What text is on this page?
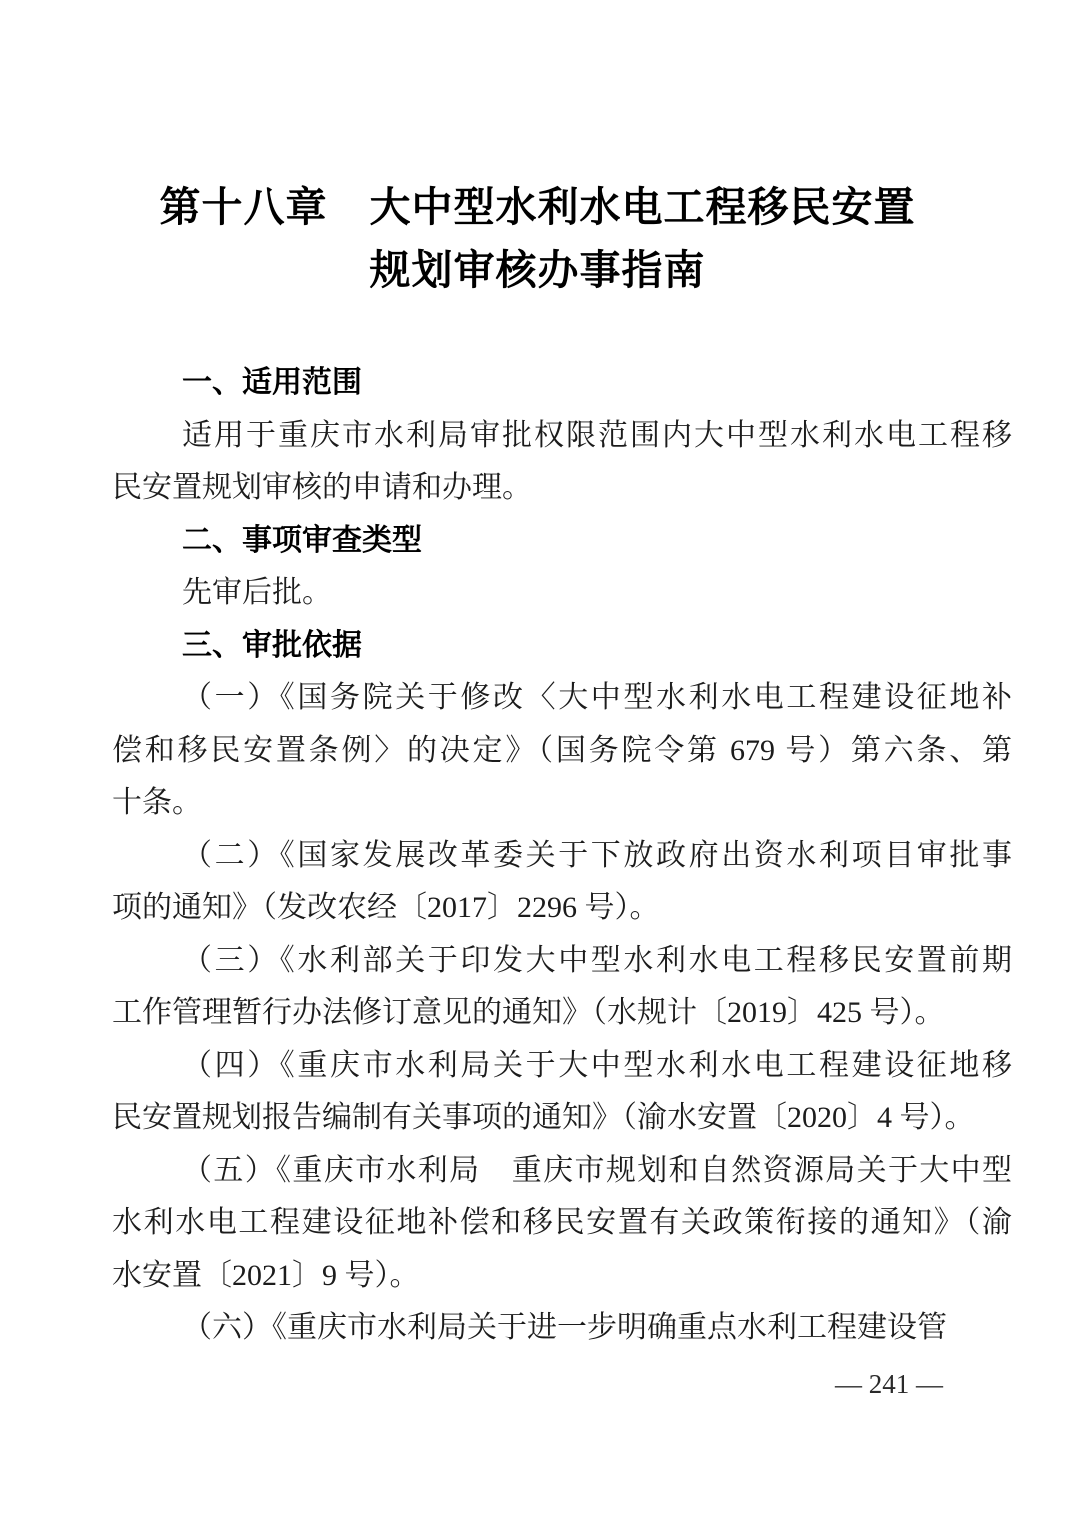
第十八章　大中型水利水电工程移民安置
规划审核办事指南
一、适用范围
适用于重庆市水利局审批权限范围内大中型水利水电工程移
民安置规划审核的申请和办理。
二、事项审查类型
先审后批。
三、审批依据
（一）《国务院关于修改〈大中型水利水电工程建设征地补
偿和移民安置条例〉的决定》（国务院令第 679 号）第六条、第
十条。
（二）《国家发展改革委关于下放政府出资水利项目审批事
项的通知》（发改农经〔2017〕2296 号）。
（三）《水利部关于印发大中型水利水电工程移民安置前期
工作管理暂行办法修订意见的通知》（水规计〔2019〕425 号）。
（四）《重庆市水利局关于大中型水利水电工程建设征地移
民安置规划报告编制有关事项的通知》（渝水安置〔2020〕4 号）。
（五）《重庆市水利局　重庆市规划和自然资源局关于大中型
水利水电工程建设征地补偿和移民安置有关政策衔接的通知》（渝
水安置〔2021〕9 号）。
（六）《重庆市水利局关于进一步明确重点水利工程建设管
— 241 —
